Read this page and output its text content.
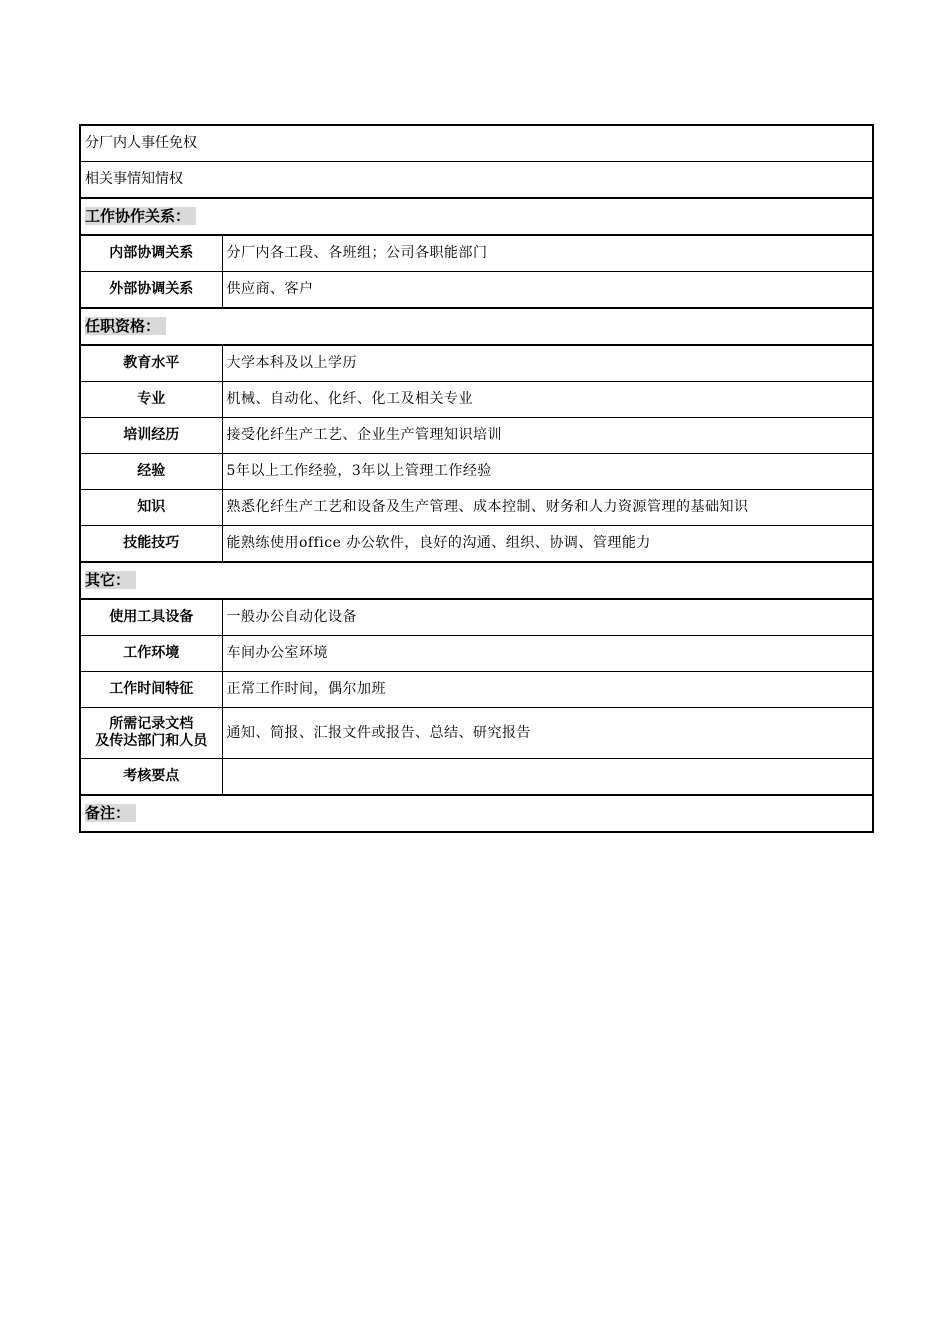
分厂内人事任免权	
相关事情知情权	
工作协作关系：	
内部协调关系	分厂内各工段、各班组；公司各职能部门
外部协调关系	供应商、客户
任职资格：	
教育水平	大学本科及以上学历
专业	机械、自动化、化纤、化工及相关专业
培训经历	接受化纤生产工艺、企业生产管理知识培训
经验	5年以上工作经验，3年以上管理工作经验
知识	熟悉化纤生产工艺和设备及生产管理、成本控制、财务和人力资源管理的基础知识
技能技巧	能熟练使用office 办公软件，良好的沟通、组织、协调、管理能力
其它：	
使用工具设备	一般办公自动化设备
工作环境	车间办公室环境
工作时间特征	正常工作时间，偶尔加班

所需记录文档
及传达部门和人员	通知、简报、汇报文件或报告、总结、研究报告
考核要点	
备注：	
